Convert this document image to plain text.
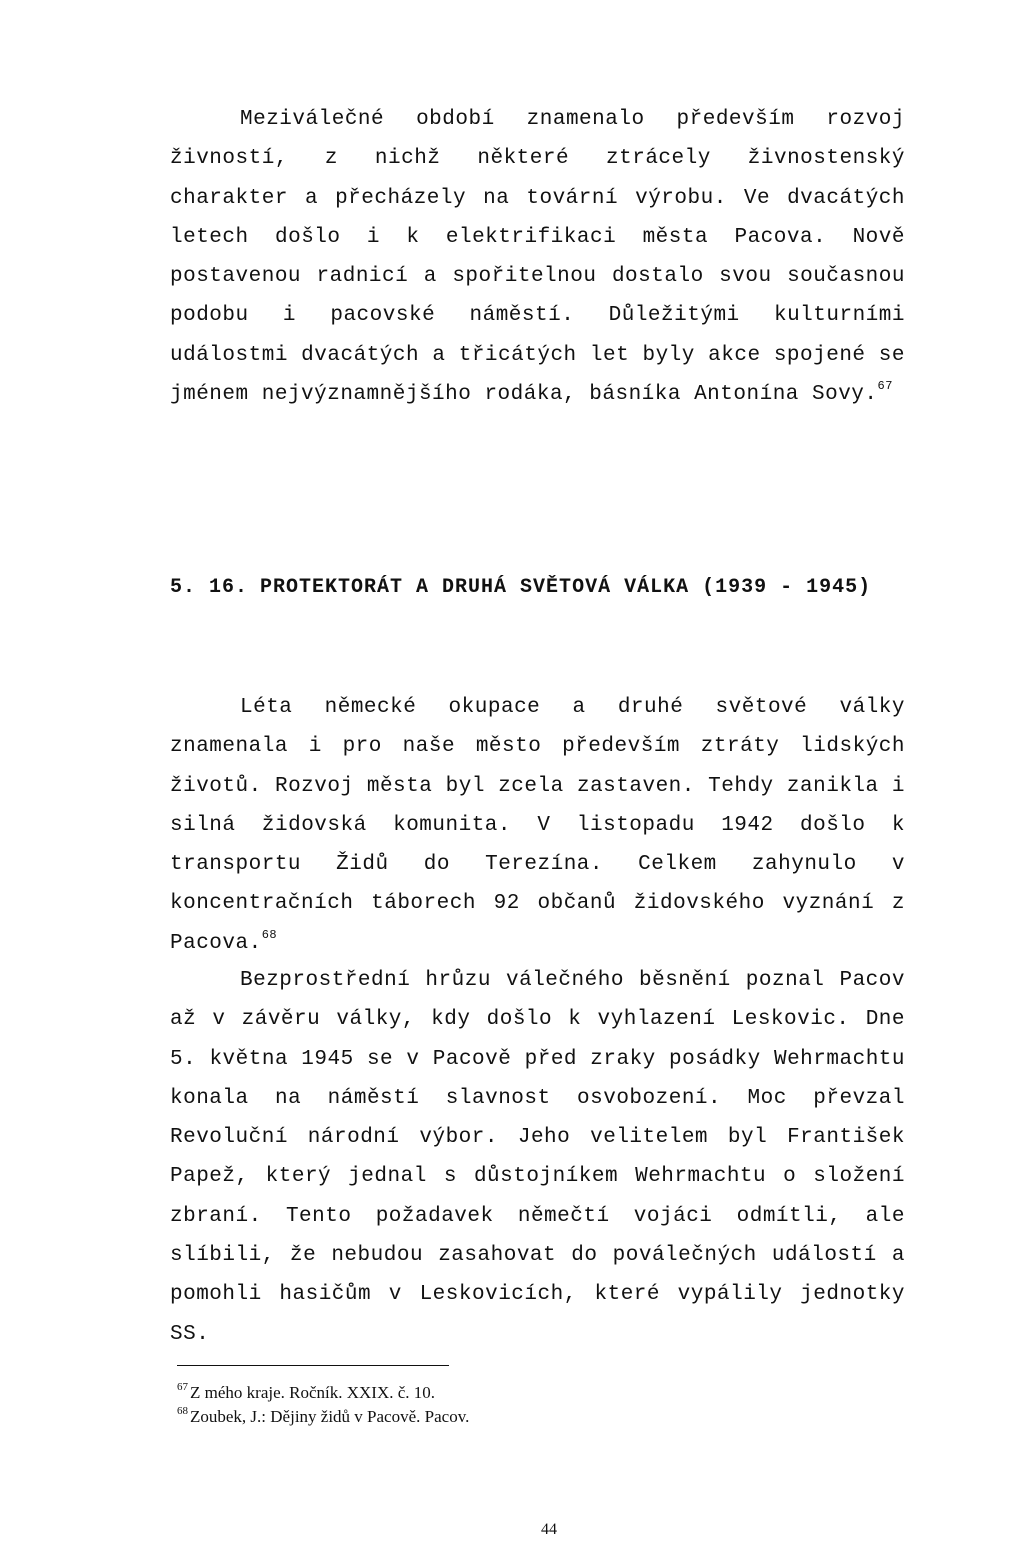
Meziválečné období znamenalo především rozvoj živností, z nichž některé ztrácely živnostenský charakter a přecházely na tovární výrobu. Ve dvacátých letech došlo i k elektrifikaci města Pacova. Nově postavenou radnicí a spořitelnou dostalo svou současnou podobu i pacovské náměstí. Důležitými kulturními událostmi dvacátých a třicátých let byly akce spojené se jménem nejvýznamnějšího rodáka, básníka Antonína Sovy.$^{67}$

5. 16. PROTEKTORÁT A DRUHÁ SVĚTOVÁ VÁLKA (1939 - 1945)

Léta německé okupace a druhé světové války znamenala i pro naše město především ztráty lidských životů. Rozvoj města byl zcela zastaven. Tehdy zanikla i silná židovská komunita. V listopadu 1942 došlo k transportu Židů do Terezína. Celkem zahynulo v koncentračních táborech 92 občanů židovského vyznání z Pacova.$^{68}$

Bezprostřední hrůzu válečného běsnění poznal Pacov až v závěru války, kdy došlo k vyhlazení Leskovic. Dne 5. května 1945 se v Pacově před zraky posádky Wehrmachtu konala na náměstí slavnost osvobození. Moc převzal Revoluční národní výbor. Jeho velitelem byl František Papež, který jednal s důstojníkem Wehrmachtu o složení zbraní. Tento požadavek němečtí vojáci odmítli, ale slíbili, že nebudou zasahovat do poválečných událostí a pomohli hasičům v Leskovicích, které vypálily jednotky SS.

$^{67}$ Z mého kraje. Ročník. XXIX. č. 10.
$^{68}$ Zoubek, J.: Dějiny židů v Pacově. Pacov.
44
